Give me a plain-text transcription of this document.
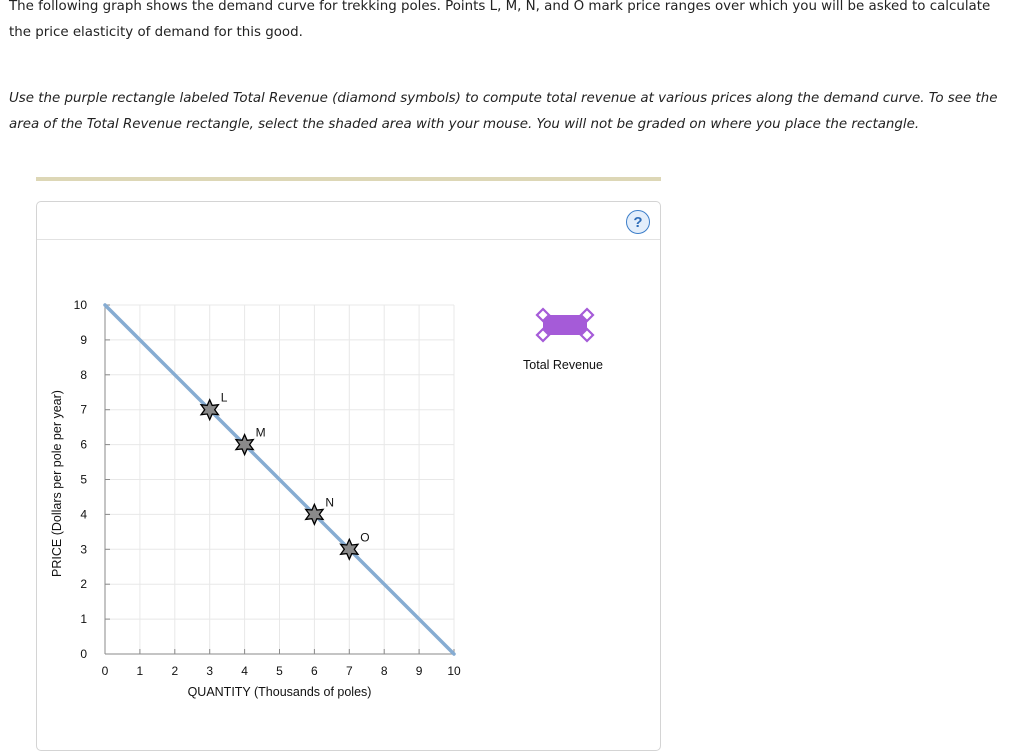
The following graph shows the demand curve for trekking poles. Points L, M, N, and O mark price ranges over which you will be asked to calculate the price elasticity of demand for this good.

Use the purple rectangle labeled Total Revenue (diamond symbols) to compute total revenue at various prices along the demand curve. To see the area of the Total Revenue rectangle, select the shaded area with your mouse. You will not be graded on where you place the rectangle.

?
0
1
2
3
4
5
6
7
8
9
10
0 1 2 3 4 5 6 7 8 9 10
QUANTITY (Thousands of poles)
PRICE (Dollars per pole per year)	L
M
N
O
Total Revenue
